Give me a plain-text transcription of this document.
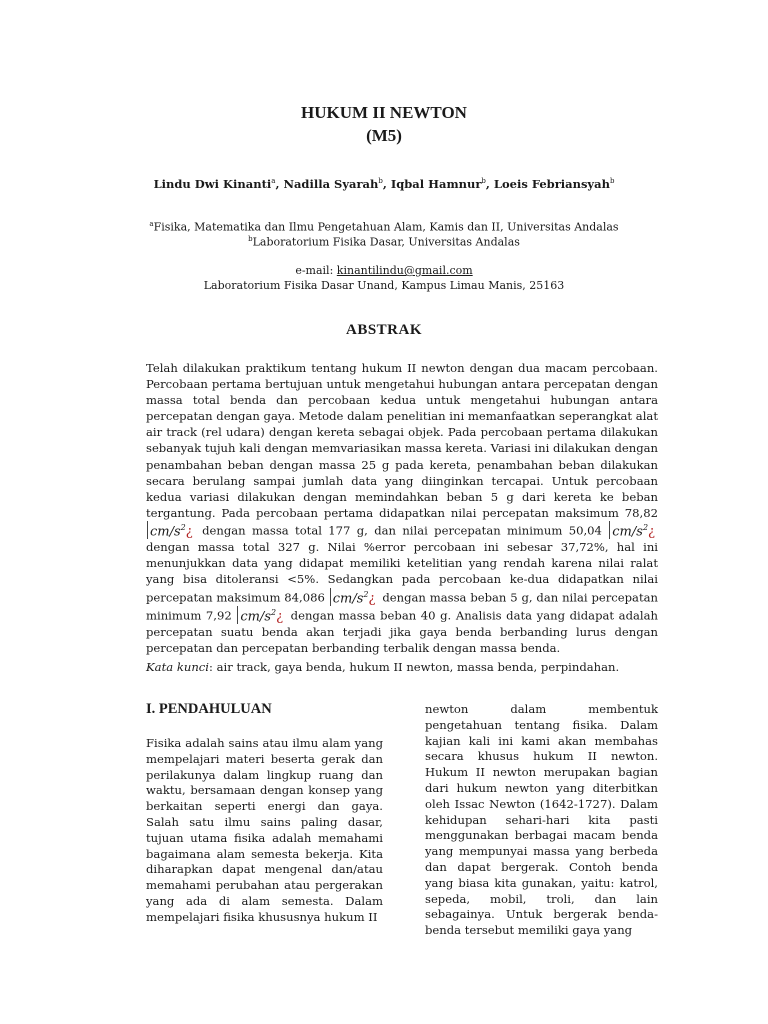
HUKUM II NEWTON
(M5)
Lindu Dwi Kinanti$^a$, Nadilla Syarah$^b$, Iqbal Hamnur$^b$, Loeis Febriansyah$^b$
$^a$Fisika, Matematika dan Ilmu Pengetahuan Alam, Kamis dan II, Universitas Andalas
$^b$Laboratorium Fisika Dasar, Universitas Andalas
e-mail: kinantilindu@gmail.com
Laboratorium Fisika Dasar Unand, Kampus Limau Manis, 25163
ABSTRAK
Telah dilakukan praktikum tentang hukum II newton dengan dua macam percobaan. Percobaan pertama bertujuan untuk mengetahui hubungan antara percepatan dengan massa total benda dan percobaan kedua untuk mengetahui hubungan antara percepatan dengan gaya. Metode dalam penelitian ini memanfaatkan seperangkat alat air track (rel udara) dengan kereta sebagai objek. Pada percobaan pertama dilakukan sebanyak tujuh kali dengan memvariasikan massa kereta. Variasi ini dilakukan dengan penambahan beban dengan massa 25 g pada kereta, penambahan beban dilakukan secara berulang sampai jumlah data yang diinginkan tercapai. Untuk percobaan kedua variasi dilakukan dengan memindahkan beban 5 g dari kereta ke beban tergantung. Pada percobaan pertama didapatkan nilai percepatan maksimum 78,82 $cm/s^2¿$ dengan massa total 177 g, dan nilai percepatan minimum 50,04 $cm/s^2¿$ dengan massa total 327 g. Nilai %error percobaan ini sebesar 37,72%, hal ini menunjukkan data yang didapat memiliki ketelitian yang rendah karena nilai ralat yang bisa ditoleransi <5%. Sedangkan pada percobaan ke-dua didapatkan nilai percepatan maksimum 84,086 $cm/s^2¿$ dengan massa beban 5 g, dan nilai percepatan minimum 7,92 $cm/s^2¿$ dengan massa beban 40 g. Analisis data yang didapat adalah percepatan suatu benda akan terjadi jika gaya benda berbanding lurus dengan percepatan dan percepatan berbanding terbalik dengan massa benda.
Kata kunci: air track, gaya benda, hukum II newton, massa benda, perpindahan.
I. PENDAHULUAN
Fisika adalah sains atau ilmu alam yang mempelajari materi beserta gerak dan perilakunya dalam lingkup ruang dan waktu, bersamaan dengan konsep yang berkaitan seperti energi dan gaya. Salah satu ilmu sains paling dasar, tujuan utama fisika adalah memahami bagaimana alam semesta bekerja. Kita diharapkan dapat mengenal dan/atau memahami perubahan atau pergerakan yang ada di alam semesta. Dalam mempelajari fisika khususnya hukum II
newton dalam membentuk pengetahuan tentang fisika. Dalam kajian kali ini kami akan membahas secara khusus hukum II newton. Hukum II newton merupakan bagian dari hukum newton yang diterbitkan oleh Issac Newton (1642-1727). Dalam kehidupan sehari-hari kita pasti menggunakan berbagai macam benda yang mempunyai massa yang berbeda dan dapat bergerak. Contoh benda yang biasa kita gunakan, yaitu: katrol, sepeda, mobil, troli, dan lain sebagainya. Untuk bergerak benda-benda tersebut memiliki gaya yang
